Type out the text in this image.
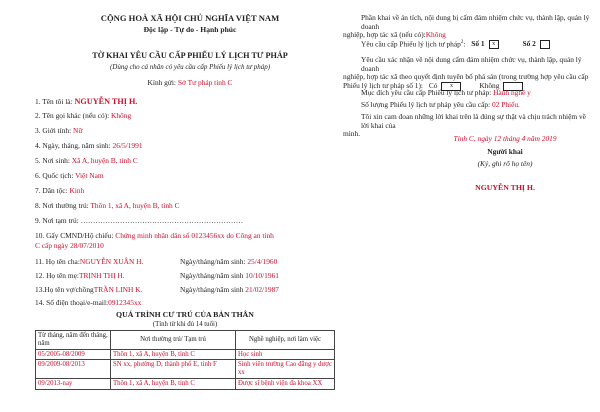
CỘNG HOÀ XÃ HỘI CHỦ NGHĨA VIỆT NAM
Độc lập - Tự do - Hạnh phúc
TỜ KHAI YÊU CẦU CẤP PHIẾU LÝ LỊCH TƯ PHÁP
(Dùng cho cá nhân có yêu cầu cấp Phiếu lý lịch tư pháp)
Kính gửi: Sở Tư pháp tỉnh C
1. Tên tôi là: NGUYỄN THỊ H.
2. Tên gọi khác (nếu có): Không
3. Giới tính: Nữ
4. Ngày, tháng, năm sinh: 26/5/1991
5. Nơi sinh: Xã A, huyện B, tỉnh C
6. Quốc tịch: Việt Nam
7. Dân tộc: Kinh
8. Nơi thường trú: Thôn 1, xã A, huyện B, tỉnh C
9. Nơi tạm trú: …………………………………………………………
10. Gấy CMND/Hộ chiếu: Chứng minh nhân dân số 0123456xx do Công an tỉnh
C cấp ngày 28/07/2010
11. Họ tên cha:NGUYỄN XUÂN H.	Ngày/tháng/năm sinh: 25/4/1960
12. Họ tên mẹ:TRỊNH THỊ H.	Ngày/tháng/năm sinh 10/10/1961
13.Họ tên vợ/chồngTRẦN LINH K.	Ngày/tháng/năm sinh 21/02/1987
Từ tháng, năm đến tháng, năm	Nơi thường trú/ Tạm trú	Nghề nghiệp, nơi làm việc
05/2005-08/2009	Thôn 1, xã A, huyện B, tỉnh C	Học sinh
09/2009-08/2013	SN xx, phường D, thành phố E, tỉnh F	Sinh viên trường Cao đẳng y dược xx
09/2013-nay	Thôn 1, xã A, huyện B, tỉnh C	Được sĩ bệnh viện đa khoa XX
Phần khai về án tích, nội dung bị cấm đảm nhiệm chức vụ, thành lập, quản lý doanh
nghiệp, hợp tác xã (nếu có):Không
Yêu cầu cấp Phiếu lý lịch tư pháp$^2$: Số 1 x	Số 2
Yêu cầu xác nhận về nội dung cấm đảm nhiệm chức vụ, thành lập, quản lý doanh
nghiệp, hợp tác xã theo quyết định tuyên bố phá sản (trong trường hợp yêu cầu cấp
Phiếu lý lịch tư pháp số 1): Có x	Không
Mục đích yêu cầu cấp Phiếu lý lịch tư pháp: Hành nghề y
Số lượng Phiếu lý lịch tư pháp yêu cầu cấp: 02 Phiếu.
Tôi xin cam đoan những lời khai trên là đúng sự thật và chịu trách nhiệm về lời khai của
mình.
Tỉnh C, ngày 12 tháng 4 năm 2019
Người khai
(Ký, ghi rõ họ tên)
NGUYỄN THỊ H.
14. Số điện thoại/e-mail:0912345xx
QUÁ TRÌNH CƯ TRÚ CỦA BẢN THÂN
(Tính từ khi đủ 14 tuổi)
